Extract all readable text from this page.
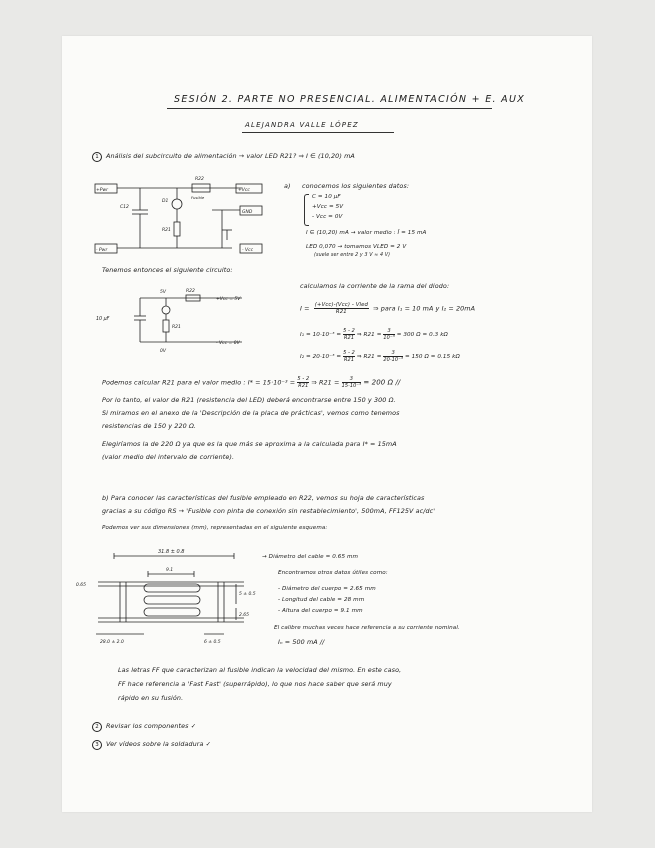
SESIÓN 2. PARTE NO PRESENCIAL. ALIMENTACIÓN + E. AUX
ALEJANDRA VALLE LÓPEZ
1 Análisis del subcircuito de alimentación → valor LED R21? ⇒ I ∈ (10,20) mA
+Pwr
- Pwr
+Vcc
GND
- Vcc
C12
D1
R21
R22
Fusible
a) conocemos los siguientes datos:
C = 10 μF
+Vcc = 5V
- Vcc = 0V
I ∈ (10,20) mA → valor medio : Ī = 15 mA
LED 0,070 → tomamos VLED = 2 V
(suele ser entre 2 y 3 V ≈ 4 V)
Tenemos entonces el siguiente circuito:
10 μF
5V
0V
R22
R21
+Vcc = 5V
- Vcc = 0V
calculamos la corriente de la rama del diodo:
I = (+Vcc)-(Vcc) - Vled
R21	⇒ para I₁ = 10 mA y I₂ = 20mA
$I_1 = 10\cdot 10^{-3} = \frac{5 - 2}{R21}$ ⇒ $R21 = \frac{3}{\text{10⁻³}} = 300$ Ω = 0.3 kΩ
$I_2 = 20\cdot 10^{-3} = \frac{5 - 2}{R21}$ ⇒ $R21 = \frac{3}{\text{20·10⁻³}} = 150$ Ω = 0.15 kΩ
Podemos calcular R21 para el valor medio : $I* = 15\cdot 10^{-3} = \frac{5 - 2}{R21}$ ⇒ $R21 = \frac{3}{\text{15·10⁻³}} = 200$ Ω //
Por lo tanto, el valor de R21 (resistencia del LED) deberá encontrarse entre 150 y 300 Ω.
Si miramos en el anexo de la 'Descripción de la placa de prácticas', vemos como tenemos
resistencias de 150 y 220 Ω.
Elegiríamos la de 220 Ω ya que es la que más se aproxima a la calculada para I* = 15mA
(valor medio del intervalo de corriente).
b) Para conocer las características del fusible empleado en R22, vemos su hoja de características
gracias a su código RS → 'Fusible con pinta de conexión sin restablecimiento', 500mA, FF125V ac/dc'
Podemos ver sus dimensiones (mm), representadas en el siguiente esquema:
31.8 ± 0.8
9.1
0.65
5 ± 0.5
2.65
28.0 ± 2.0	6 ± 0.5
→ Diámetro del cable = 0.65 mm
Encontramos otros datos útiles como:
- Diámetro del cuerpo = 2.65 mm
- Longitud del cable = 28 mm
- Altura del cuerpo = 9.1 mm
El calibre muchas veces hace referencia a su corriente nominal.
Iₙ = 500 mA //
Las letras FF que caracterizan al fusible indican la velocidad del mismo. En este caso,
FF hace referencia a 'Fast Fast' (superrápido), lo que nos hace saber que será muy
rápido en su fusión.
2 Revisar los componentes ✓
3 Ver vídeos sobre la soldadura ✓
